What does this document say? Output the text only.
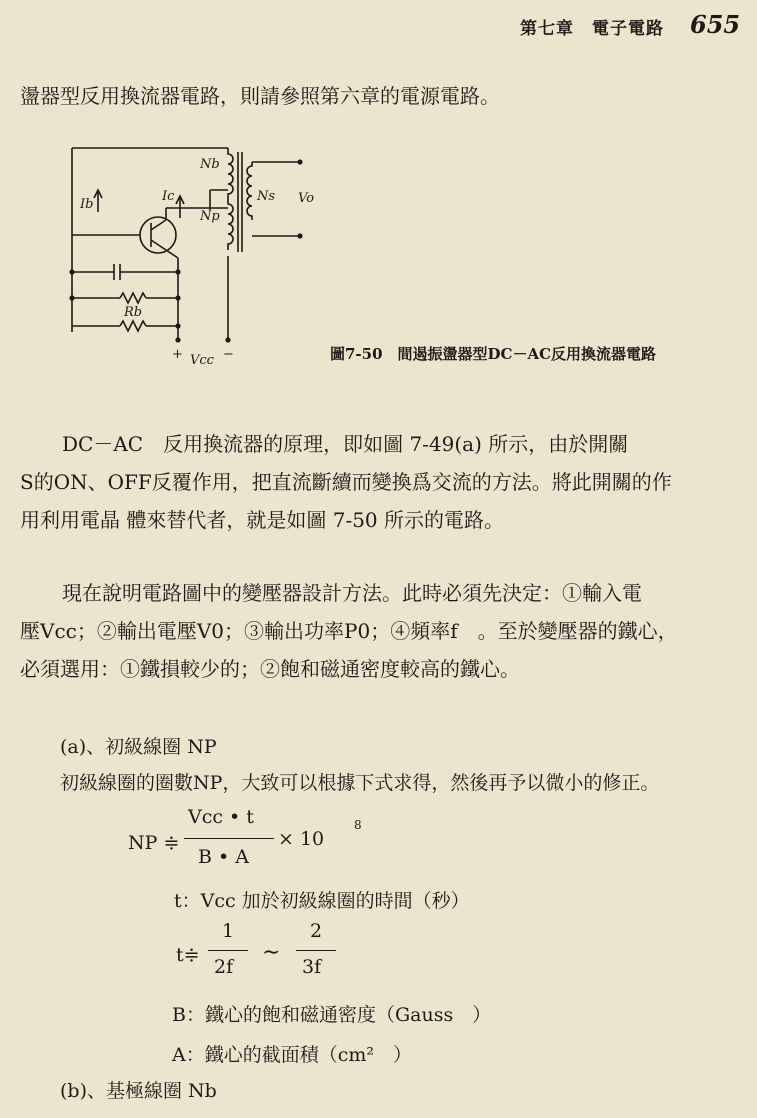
第七章　電子電路 655
盪器型反用換流器電路，則請參照第六章的電源電路。
Nb
Ns
Np
Vo
Ib
Ic
Rb
Vcc
+	−	圖7-50　間遏振盪器型DC－AC反用換流器電路
DC－AC　反用換流器的原理，即如圖 7-49(a) 所示，由於開關
S的ON、OFF反覆作用，把直流斷續而變換爲交流的方法。將此開關的作
用利用電晶 體來替代者，就是如圖 7-50 所示的電路。
現在說明電路圖中的變壓器設計方法。此時必須先決定：①輸入電
壓Vcc；②輸出電壓V0；③輸出功率P0；④頻率f　。至於變壓器的鐵心，
必須選用：①鐵損較少的；②飽和磁通密度較高的鐵心。
(a)、初級線圈 NP
初級線圈的圈數NP，大致可以根據下式求得，然後再予以微小的修正。
NP ≑
Vcc • t
B • A
× 10
8
t：Vcc 加於初級線圈的時間（秒）
t≑
1
2f
∼
2
3f
B：鐵心的飽和磁通密度（Gauss　）
A：鐵心的截面積（cm²　）
(b)、基極線圈 Nb
